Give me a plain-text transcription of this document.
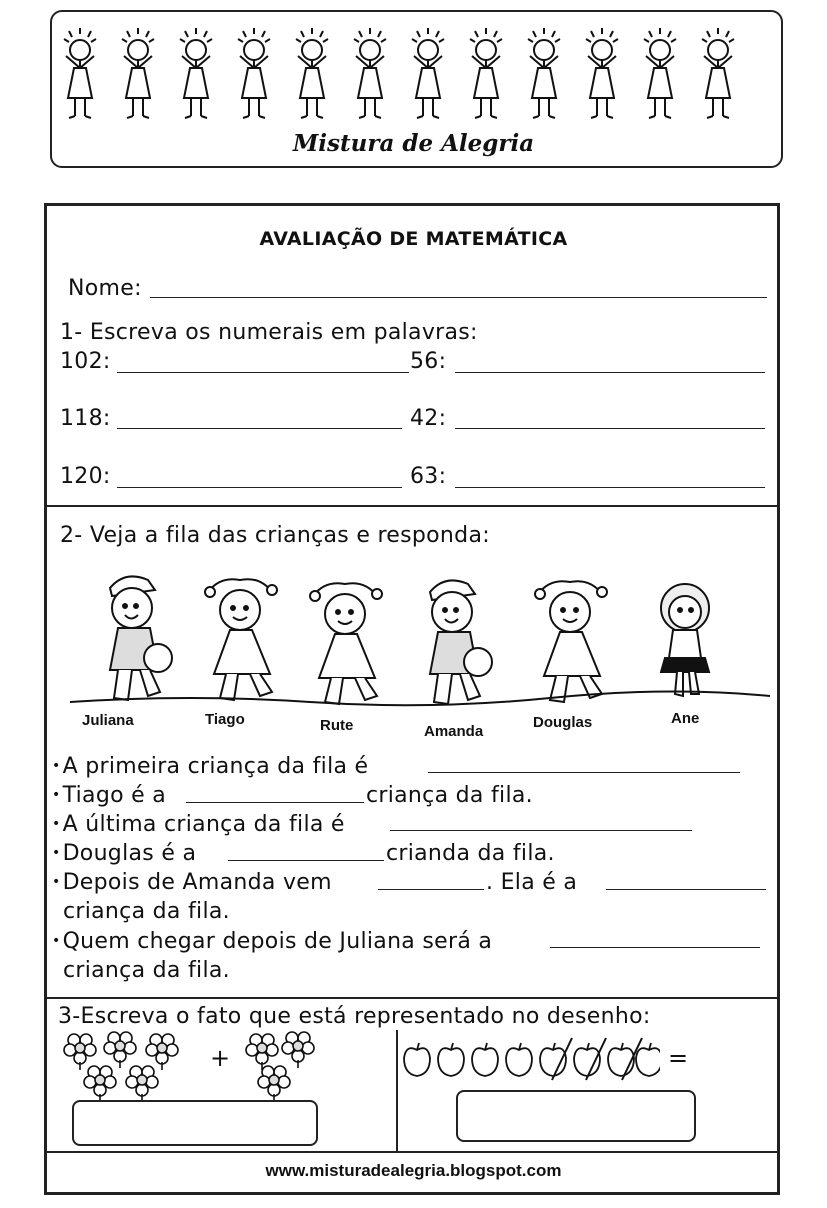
Mistura de Alegria
AVALIAÇÃO DE MATEMÁTICA
Nome:
1- Escreva os numerais em palavras:
102:	56:
118:	42:
120:	63:
2- Veja a fila das crianças e responda:
Juliana	Tiago	Rute	Amanda
Douglas	Ane
• A primeira criança da fila é
• Tiago é a	criança da fila.
• A última criança da fila é
• Douglas é a	crianda da fila.
• Depois de Amanda vem	. Ela é a
criança da fila.
• Quem chegar depois de Juliana será a
criança da fila.
3-Escreva o fato que está representado no desenho:
+	=
www.misturadealegria.blogspot.com
